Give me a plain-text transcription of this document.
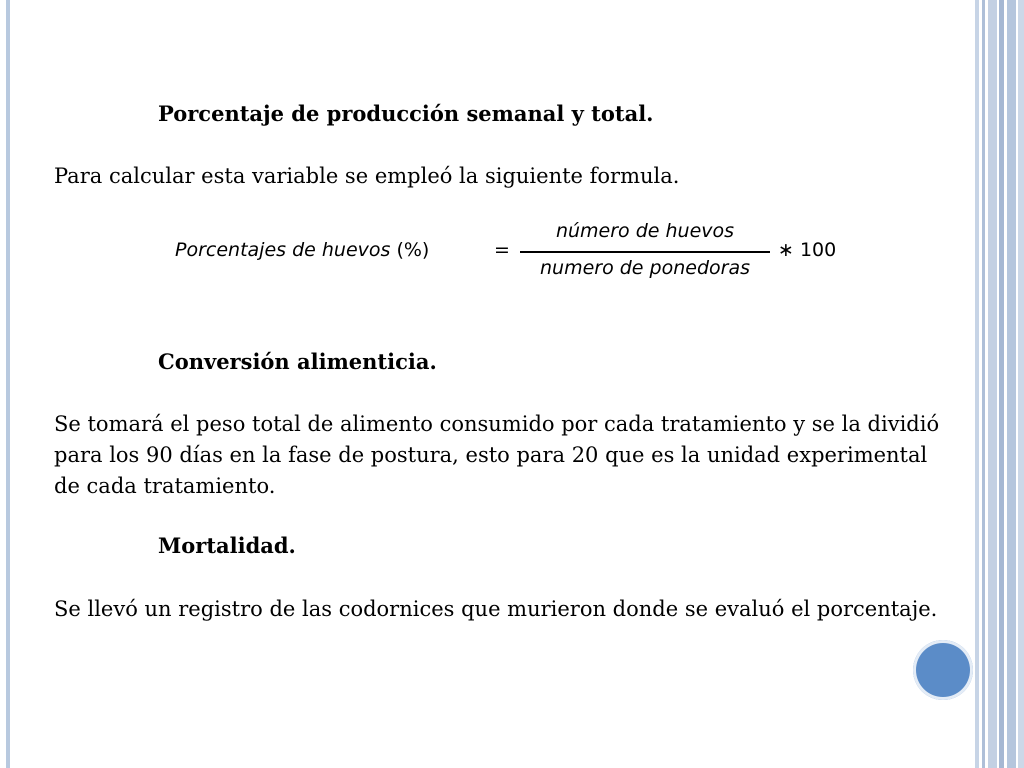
Porcentaje de producción semanal y total.
Para calcular esta variable se empleó la siguiente formula.
Porcentajes de huevos (%)	=
número de huevos
numero de ponedoras
∗ 100
Conversión alimenticia.
Se tomará el peso total de alimento consumido por cada tratamiento y se la dividió para los 90 días en la fase de postura, esto para 20 que es la unidad experimental de cada tratamiento.
Mortalidad.
Se llevó un registro de las codornices que murieron donde se evaluó el porcentaje.
